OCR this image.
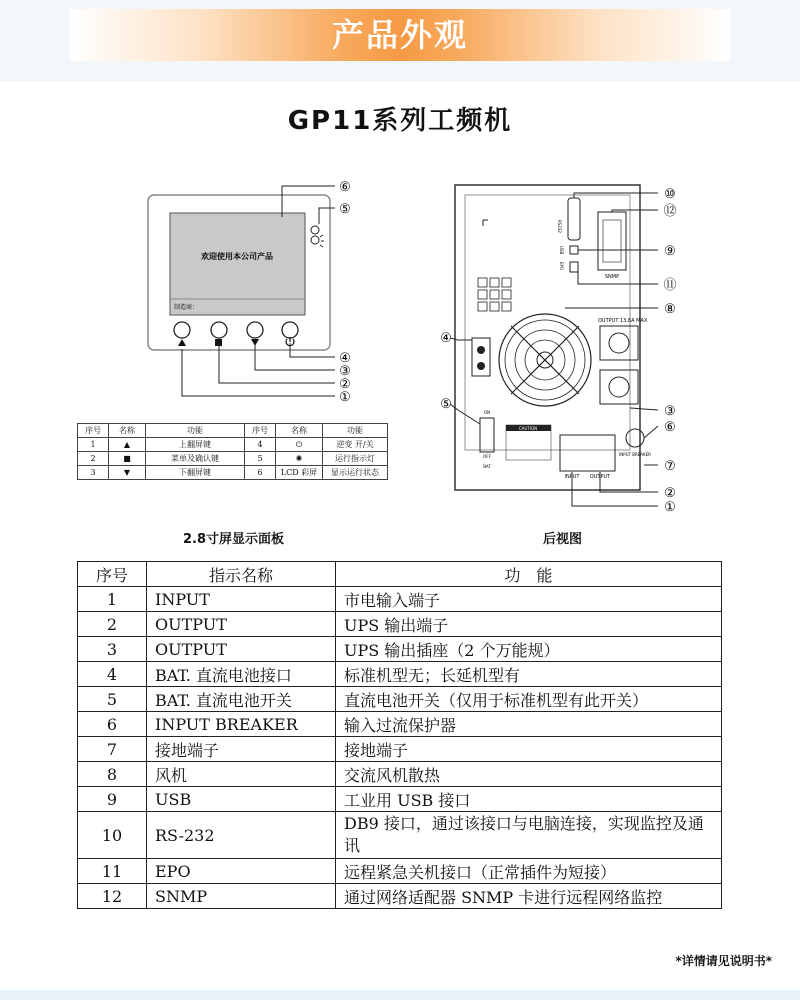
产品外观
GP11系列工频机
欢迎使用本公司产品
制造商：
⑥
⑤
④
③
②
①
序号	名称	功能	序号	名称	功能
1	▲	上翻屏键	4	⏻	逆变 开/关
2	■	菜单及确认键	5	✺	运行指示灯
3	▼	下翻屏键	6	LCD 彩屏	显示运行状态
RS232
USB
EPO
SNMP
OUTPUT 13.8A MAX
ON
OFF
BAT
CAUTION
INPUT OUTPUT
INPUT BREAKER
⑩
⑫
⑨
⑪
⑧
④
⑤	③
⑥
⑦
②
①
2.8寸屏显示面板	后视图
序号	指示名称	功　能
1	INPUT	市电输入端子
2	OUTPUT	UPS 输出端子
3	OUTPUT	UPS 输出插座（2 个万能规）
4	BAT. 直流电池接口	标准机型无；长延机型有
5	BAT. 直流电池开关	直流电池开关（仅用于标准机型有此开关）
6	INPUT BREAKER	输入过流保护器
7	接地端子	接地端子
8	风机	交流风机散热
9	USB	工业用 USB 接口
10	RS-232	DB9 接口，通过该接口与电脑连接，实现监控及通讯
11	EPO	远程紧急关机接口（正常插件为短接）
12	SNMP	通过网络适配器 SNMP 卡进行远程网络监控
*详情请见说明书*
